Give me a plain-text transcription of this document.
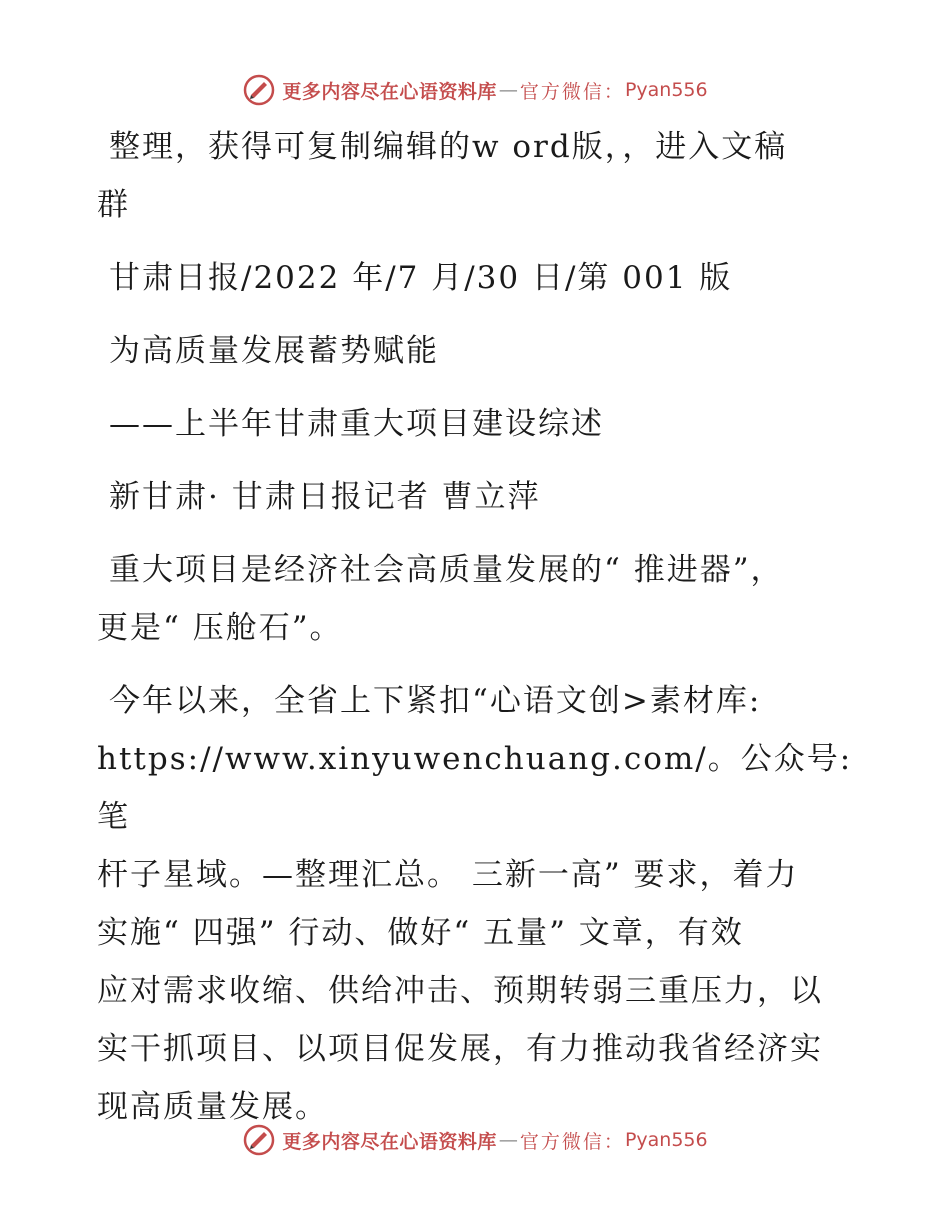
更多内容尽在心语资料库 — 官方微信： Pyan556

整理，获得可复制编辑的w ord版，，进入文稿

群

甘肃日报/2022 年/7 月/30 日/第 001 版

为高质量发展蓄势赋能

——上半年甘肃重大项目建设综述

新甘肃· 甘肃日报记者 曹立萍

重大项目是经济社会高质量发展的“ 推进器”，

更是“ 压舱石”。

今年以来，全省上下紧扣“心语文创>素材库:

https://www.xinyuwenchuang.com/。公众号: 笔

杆子星域。—整理汇总。 三新一高” 要求，着力

实施“ 四强” 行动、做好“ 五量” 文章，有效

应对需求收缩、供给冲击、预期转弱三重压力，以

实干抓项目、以项目促发展，有力推动我省经济实

现高质量发展。

更多内容尽在心语资料库 — 官方微信： Pyan556
